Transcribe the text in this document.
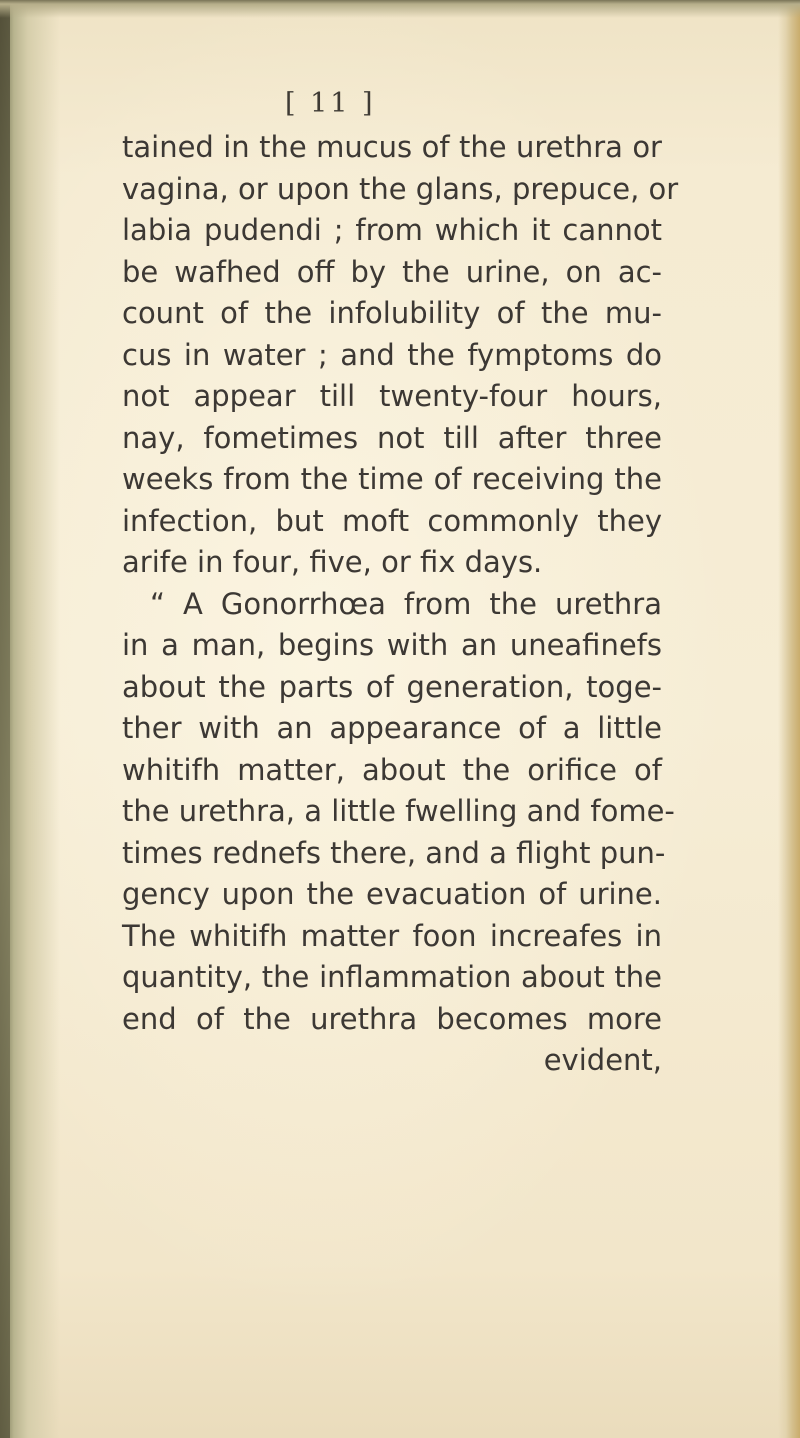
[ 11 ]
tained in the mucus of the urethra or
vagina, or upon the glans, prepuce, or
labia pudendi ; from which it cannot
be wafhed off by the urine, on ac-
count of the infolubility of the mu-
cus in water ; and the fymptoms do
not appear till twenty-four hours,
nay, fometimes not till after three
weeks from the time of receiving the
infection, but moft commonly they
arife in four, five, or fix days.
“ A Gonorrhœa from the urethra
in a man, begins with an uneafinefs
about the parts of generation, toge-
ther with an appearance of a little
whitifh matter, about the orifice of
the urethra, a little fwelling and fome-
times rednefs there, and a flight pun-
gency upon the evacuation of urine.
The whitifh matter foon increafes in
quantity, the inflammation about the
end of the urethra becomes more
evident,
